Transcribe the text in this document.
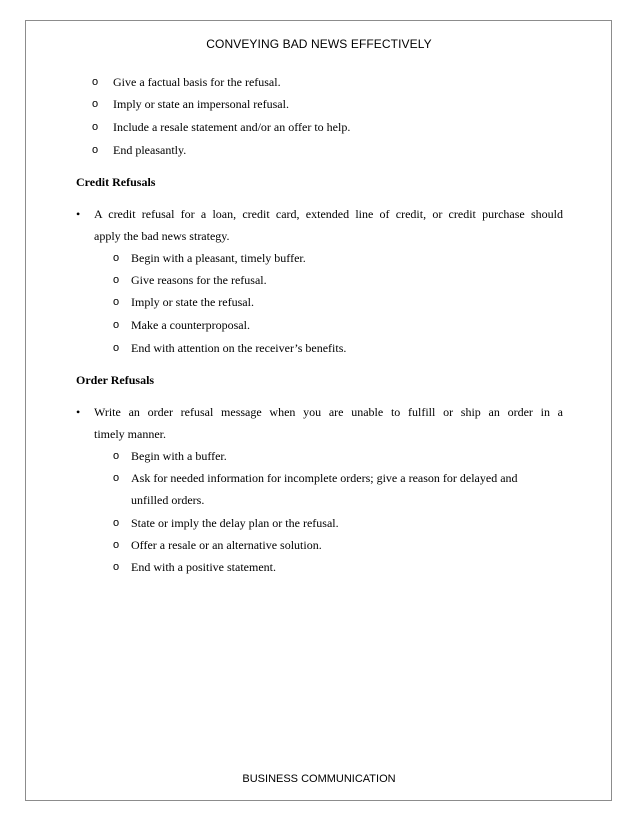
CONVEYING BAD NEWS EFFECTIVELY
o Give a factual basis for the refusal.
o Imply or state an impersonal refusal.
o Include a resale statement and/or an offer to help.
o End pleasantly.
Credit Refusals
• A credit refusal for a loan, credit card, extended line of credit, or credit purchase should
apply the bad news strategy.
o Begin with a pleasant, timely buffer.
o Give reasons for the refusal.
o Imply or state the refusal.
o Make a counterproposal.
o End with attention on the receiver’s benefits.
Order Refusals
• Write an order refusal message when you are unable to fulfill or ship an order in a
timely manner.
o Begin with a buffer.
o Ask for needed information for incomplete orders; give a reason for delayed and
unfilled orders.
o State or imply the delay plan or the refusal.
o Offer a resale or an alternative solution.
o End with a positive statement.
BUSINESS COMMUNICATION
